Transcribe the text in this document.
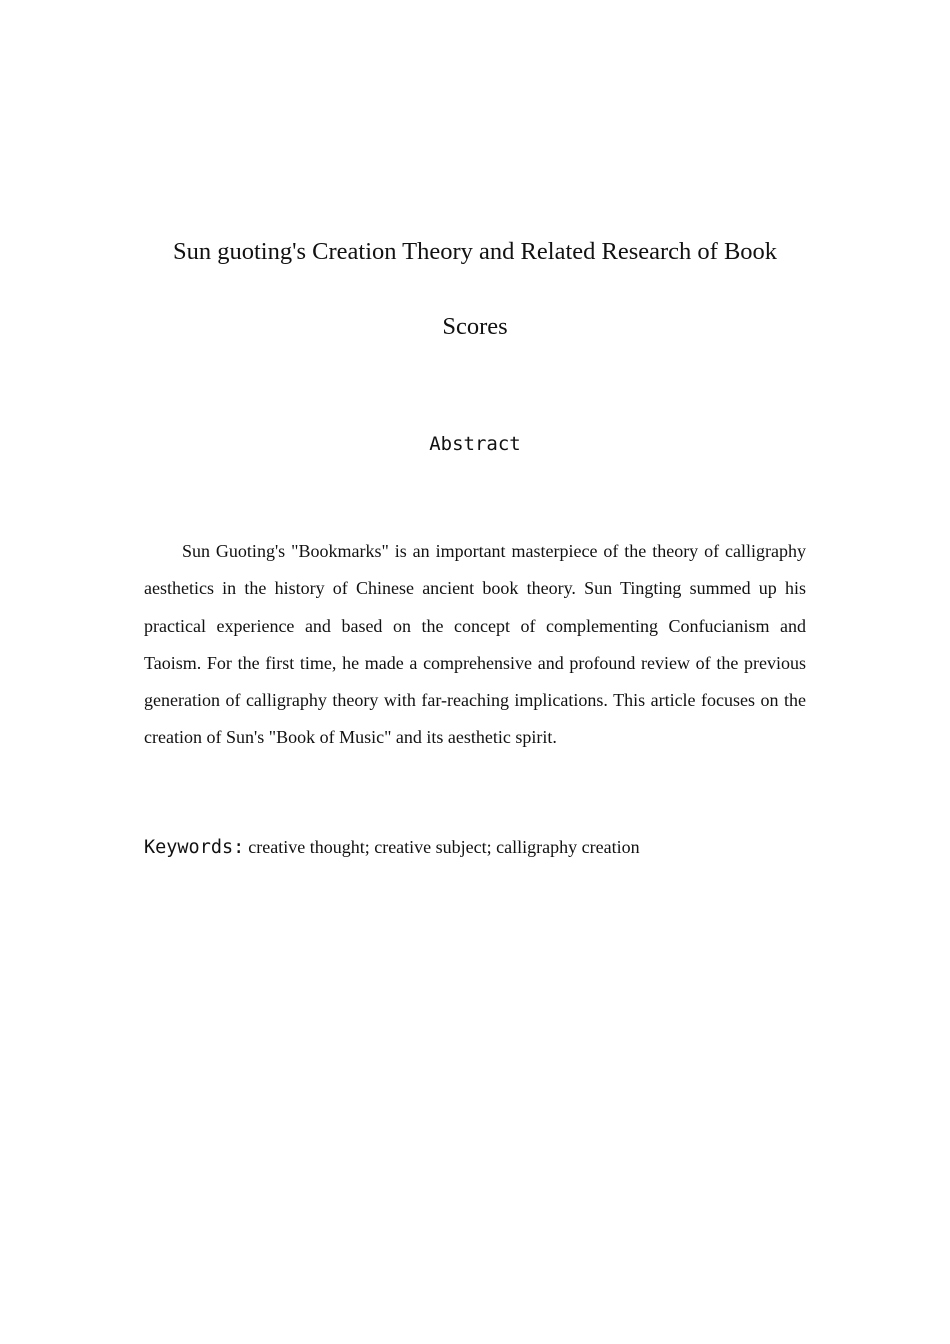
Sun guoting's Creation Theory and Related Research of Book Scores
Abstract

Sun Guoting's "Bookmarks" is an important masterpiece of the theory of calligraphy aesthetics in the history of Chinese ancient book theory. Sun Tingting summed up his practical experience and based on the concept of complementing Confucianism and Taoism. For the first time, he made a comprehensive and profound review of the previous generation of calligraphy theory with far-reaching implications. This article focuses on the creation of Sun's "Book of Music" and its aesthetic spirit.

Keywords: creative thought; creative subject; calligraphy creation
